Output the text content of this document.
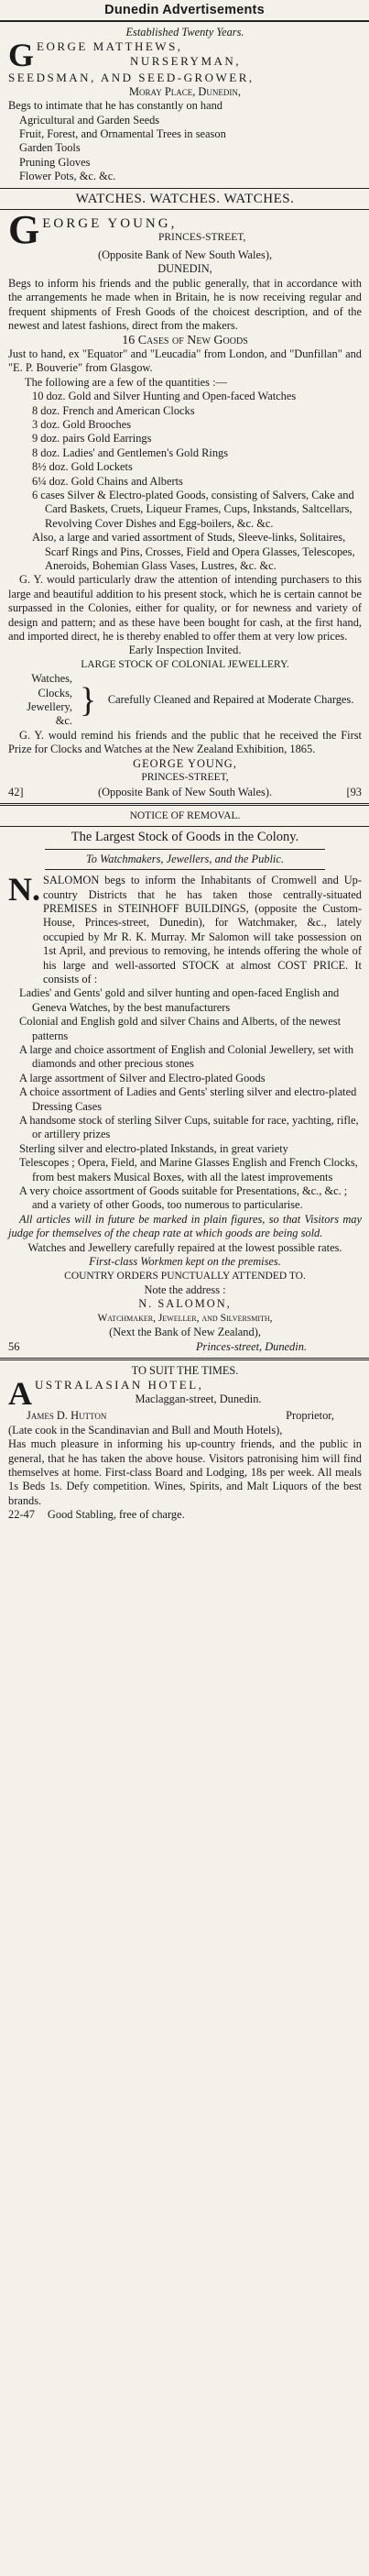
Dunedin Advertisements
Established Twenty Years.
G EORGE MATTHEWS,
NURSERYMAN,
SEEDSMAN, AND SEED-GROWER,
Moray Place, Dunedin,
Begs to intimate that he has constantly on hand
Agricultural and Garden Seeds
Fruit, Forest, and Ornamental Trees in season
Garden Tools
Pruning Gloves
Flower Pots, &c. &c.
WATCHES. WATCHES. WATCHES.
G EORGE YOUNG,
PRINCES-STREET,
(Opposite Bank of New South Wales),
DUNEDIN,
Begs to inform his friends and the public generally, that in accordance with the arrangements he made when in Britain, he is now receiving regular and frequent shipments of Fresh Goods of the choicest description, and of the newest and latest fashions, direct from the makers.
16 Cases of New Goods
Just to hand, ex "Equator" and "Leucadia" from London, and "Dunfillan" and "E. P. Bouverie" from Glasgow.
The following are a few of the quantities :—
10 doz. Gold and Silver Hunting and Open-faced Watches
8 doz. French and American Clocks
3 doz. Gold Brooches
9 doz. pairs Gold Earrings
8 doz. Ladies' and Gentlemen's Gold Rings
8½ doz. Gold Lockets
6¼ doz. Gold Chains and Alberts
6 cases Silver & Electro-plated Goods, consisting of Salvers, Cake and Card Baskets, Cruets, Liqueur Frames, Cups, Inkstands, Saltcellars, Revolving Cover Dishes and Egg-boilers, &c. &c.
Also, a large and varied assortment of Studs, Sleeve-links, Solitaires, Scarf Rings and Pins, Crosses, Field and Opera Glasses, Telescopes, Aneroids, Bohemian Glass Vases, Lustres, &c. &c.
G. Y. would particularly draw the attention of intending purchasers to this large and beautiful addition to his present stock, which he is certain cannot be surpassed in the Colonies, either for quality, or for newness and variety of design and pattern; and as these have been bought for cash, at the first hand, and imported direct, he is thereby enabled to offer them at very low prices.
Early Inspection Invited.
LARGE STOCK OF COLONIAL JEWELLERY.
Watches,
Clocks,
Jewellery, &c.
}	Carefully Cleaned and Repaired at Moderate Charges.
G. Y. would remind his friends and the public that he received the First Prize for Clocks and Watches at the New Zealand Exhibition, 1865.
GEORGE YOUNG,
PRINCES-STREET,
42]	(Opposite Bank of New South Wales).	[93
NOTICE OF REMOVAL.
The Largest Stock of Goods in the Colony.
To Watchmakers, Jewellers, and the Public.
N. SALOMON begs to inform the Inhabitants of Cromwell and Up-country Districts that he has taken those centrally-situated PREMISES in STEINHOFF BUILDINGS, (opposite the Custom-House, Princes-street, Dunedin), for Watchmaker, &c., lately occupied by Mr R. K. Murray. Mr Salomon will take possession on 1st April, and previous to removing, he intends offering the whole of his large and well-assorted STOCK at almost COST PRICE. It consists of :
Ladies' and Gents' gold and silver hunting and open-faced English and Geneva Watches, by the best manufacturers
Colonial and English gold and silver Chains and Alberts, of the newest patterns
A large and choice assortment of English and Colonial Jewellery, set with diamonds and other precious stones
A large assortment of Silver and Electro-plated Goods
A choice assortment of Ladies and Gents' sterling silver and electro-plated Dressing Cases
A handsome stock of sterling Silver Cups, suitable for race, yachting, rifle, or artillery prizes
Sterling silver and electro-plated Inkstands, in great variety
Telescopes ; Opera, Field, and Marine Glasses English and French Clocks, from best makers Musical Boxes, with all the latest improvements
A very choice assortment of Goods suitable for Presentations, &c., &c. ; and a variety of other Goods, too numerous to particularise.
All articles will in future be marked in plain figures, so that Visitors may judge for themselves of the cheap rate at which goods are being sold.
Watches and Jewellery carefully repaired at the lowest possible rates.
First-class Workmen kept on the premises.
COUNTRY ORDERS PUNCTUALLY ATTENDED TO.
Note the address :
N. SALOMON,
Watchmaker, Jeweller, and Silversmith,
(Next the Bank of New Zealand),
56	Princes-street, Dunedin.
TO SUIT THE TIMES.
A USTRALASIAN HOTEL,
Maclaggan-street, Dunedin.
James D. Hutton	Proprietor,
(Late cook in the Scandinavian and Bull and Mouth Hotels),
Has much pleasure in informing his up-country friends, and the public in general, that he has taken the above house. Visitors patronising him will find themselves at home. First-class Board and Lodging, 18s per week. All meals 1s Beds 1s. Defy competition. Wines, Spirits, and Malt Liquors of the best brands.
22-47	Good Stabling, free of charge.
